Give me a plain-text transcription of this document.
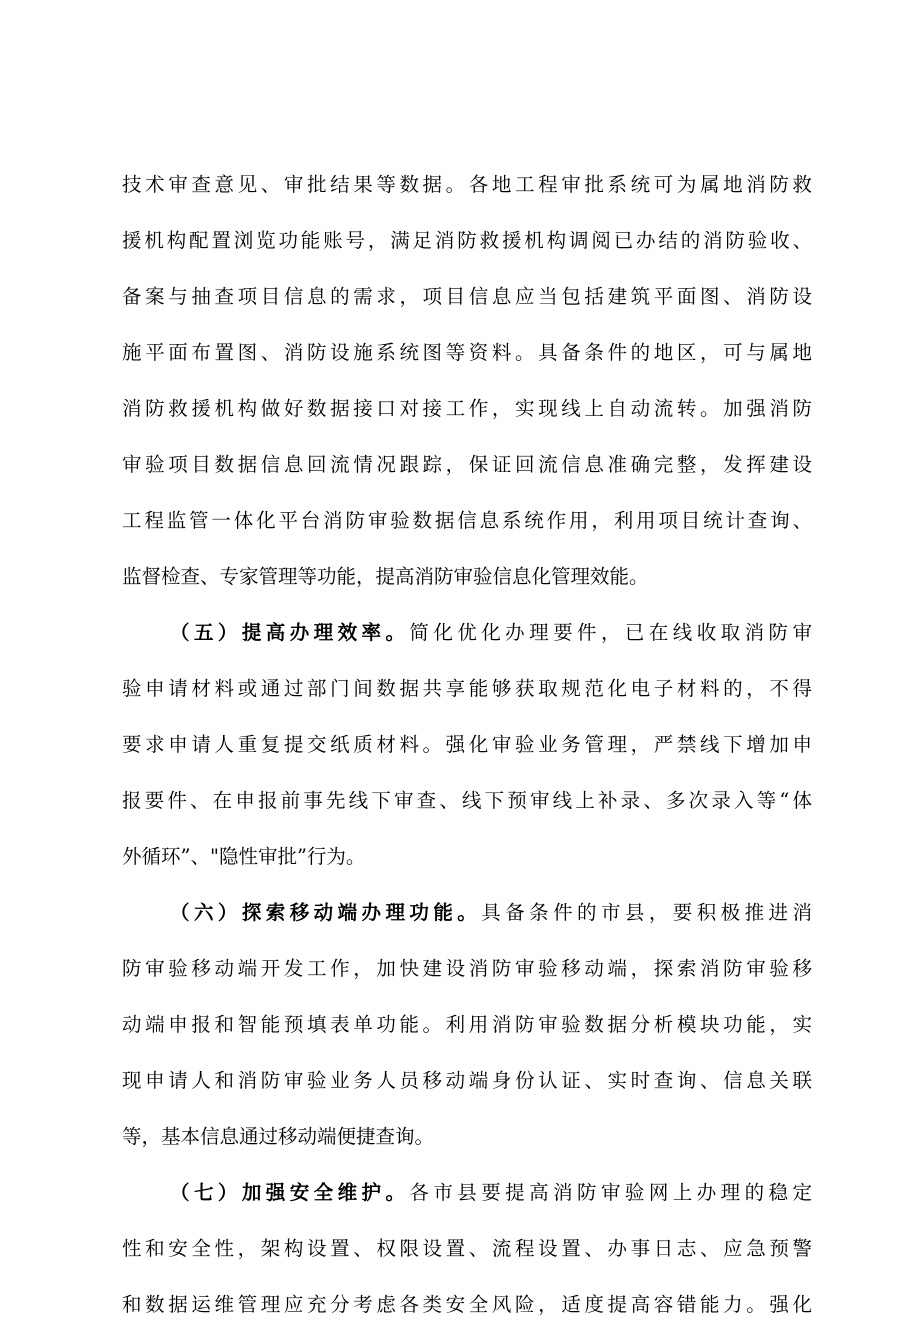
技术审查意见、审批结果等数据。各地工程审批系统可为属地消防救
援机构配置浏览功能账号，满足消防救援机构调阅已办结的消防验收、
备案与抽查项目信息的需求，项目信息应当包括建筑平面图、消防设
施平面布置图、消防设施系统图等资料。具备条件的地区，可与属地
消防救援机构做好数据接口对接工作，实现线上自动流转。加强消防
审验项目数据信息回流情况跟踪，保证回流信息准确完整，发挥建设
工程监管一体化平台消防审验数据信息系统作用，利用项目统计查询、
监督检查、专家管理等功能，提高消防审验信息化管理效能。
（五）提高办理效率。简化优化办理要件，已在线收取消防审
验申请材料或通过部门间数据共享能够获取规范化电子材料的，不得
要求申请人重复提交纸质材料。强化审验业务管理，严禁线下增加申
报要件、在申报前事先线下审查、线下预审线上补录、多次录入等“体
外循环”、"隐性审批”行为。
（六）探索移动端办理功能。具备条件的市县，要积极推进消
防审验移动端开发工作，加快建设消防审验移动端，探索消防审验移
动端申报和智能预填表单功能。利用消防审验数据分析模块功能，实
现申请人和消防审验业务人员移动端身份认证、实时查询、信息关联
等，基本信息通过移动端便捷查询。
（七）加强安全维护。各市县要提高消防审验网上办理的稳定
性和安全性，架构设置、权限设置、流程设置、办事日志、应急预警
和数据运维管理应充分考虑各类安全风险，适度提高容错能力。强化
